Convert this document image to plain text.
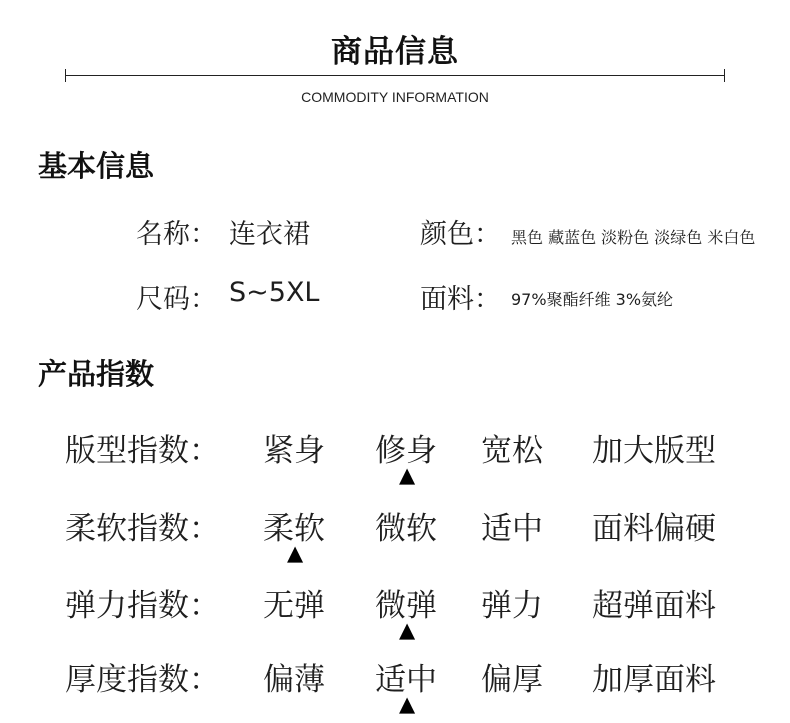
商品信息
COMMODITY INFORMATION
基本信息
名称： 连衣裙	颜色： 黑色 藏蓝色 淡粉色 淡绿色 米白色
尺码： S~5XL	面料： 97%聚酯纤维 3%氨纶
产品指数
版型指数： 紧身 修身 宽松 加大版型
▲
柔软指数： 柔软 微软 适中 面料偏硬
▲
弹力指数： 无弹 微弹 弹力 超弹面料
▲
厚度指数： 偏薄 适中 偏厚 加厚面料
▲
